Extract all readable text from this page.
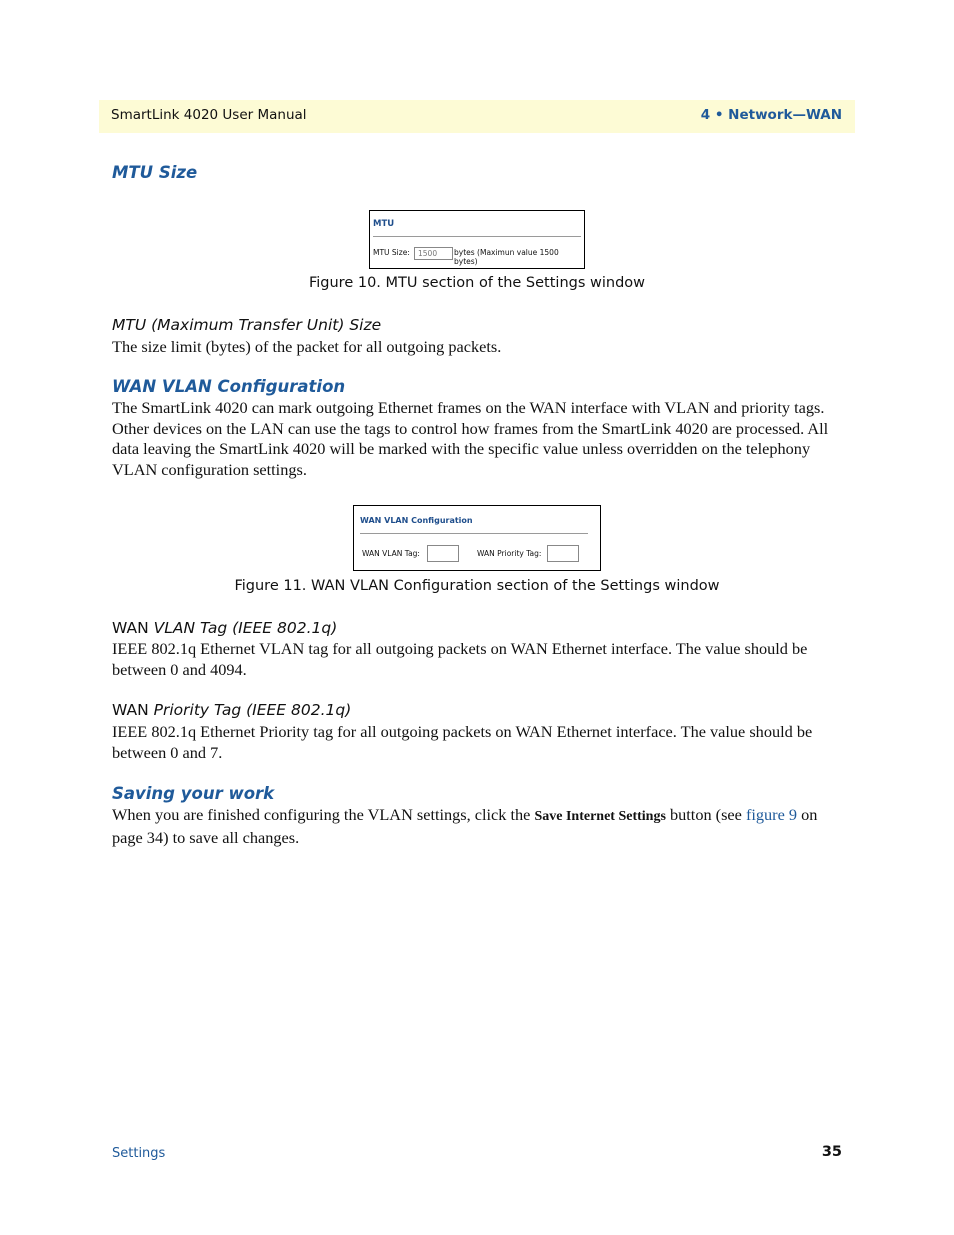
SmartLink 4020 User Manual	4 • Network—WAN
MTU Size
MTU
MTU Size:	1500	bytes (Maximun value 1500 bytes)
Figure 10. MTU section of the Settings window
MTU (Maximum Transfer Unit) Size
The size limit (bytes) of the packet for all outgoing packets.
WAN VLAN Configuration
The SmartLink 4020 can mark outgoing Ethernet frames on the WAN interface with VLAN and priority tags. Other devices on the LAN can use the tags to control how frames from the SmartLink 4020 are processed. All data leaving the SmartLink 4020 will be marked with the specific value unless overridden on the telephony VLAN configuration settings.
WAN VLAN Configuration
WAN VLAN Tag:	WAN Priority Tag:
Figure 11. WAN VLAN Configuration section of the Settings window
WAN VLAN Tag (IEEE 802.1q)
IEEE 802.1q Ethernet VLAN tag for all outgoing packets on WAN Ethernet interface. The value should be between 0 and 4094.
WAN Priority Tag (IEEE 802.1q)
IEEE 802.1q Ethernet Priority tag for all outgoing packets on WAN Ethernet interface. The value should be between 0 and 7.
Saving your work
When you are finished configuring the VLAN settings, click the Save Internet Settings button (see figure 9 on page 34) to save all changes.
Settings	35
